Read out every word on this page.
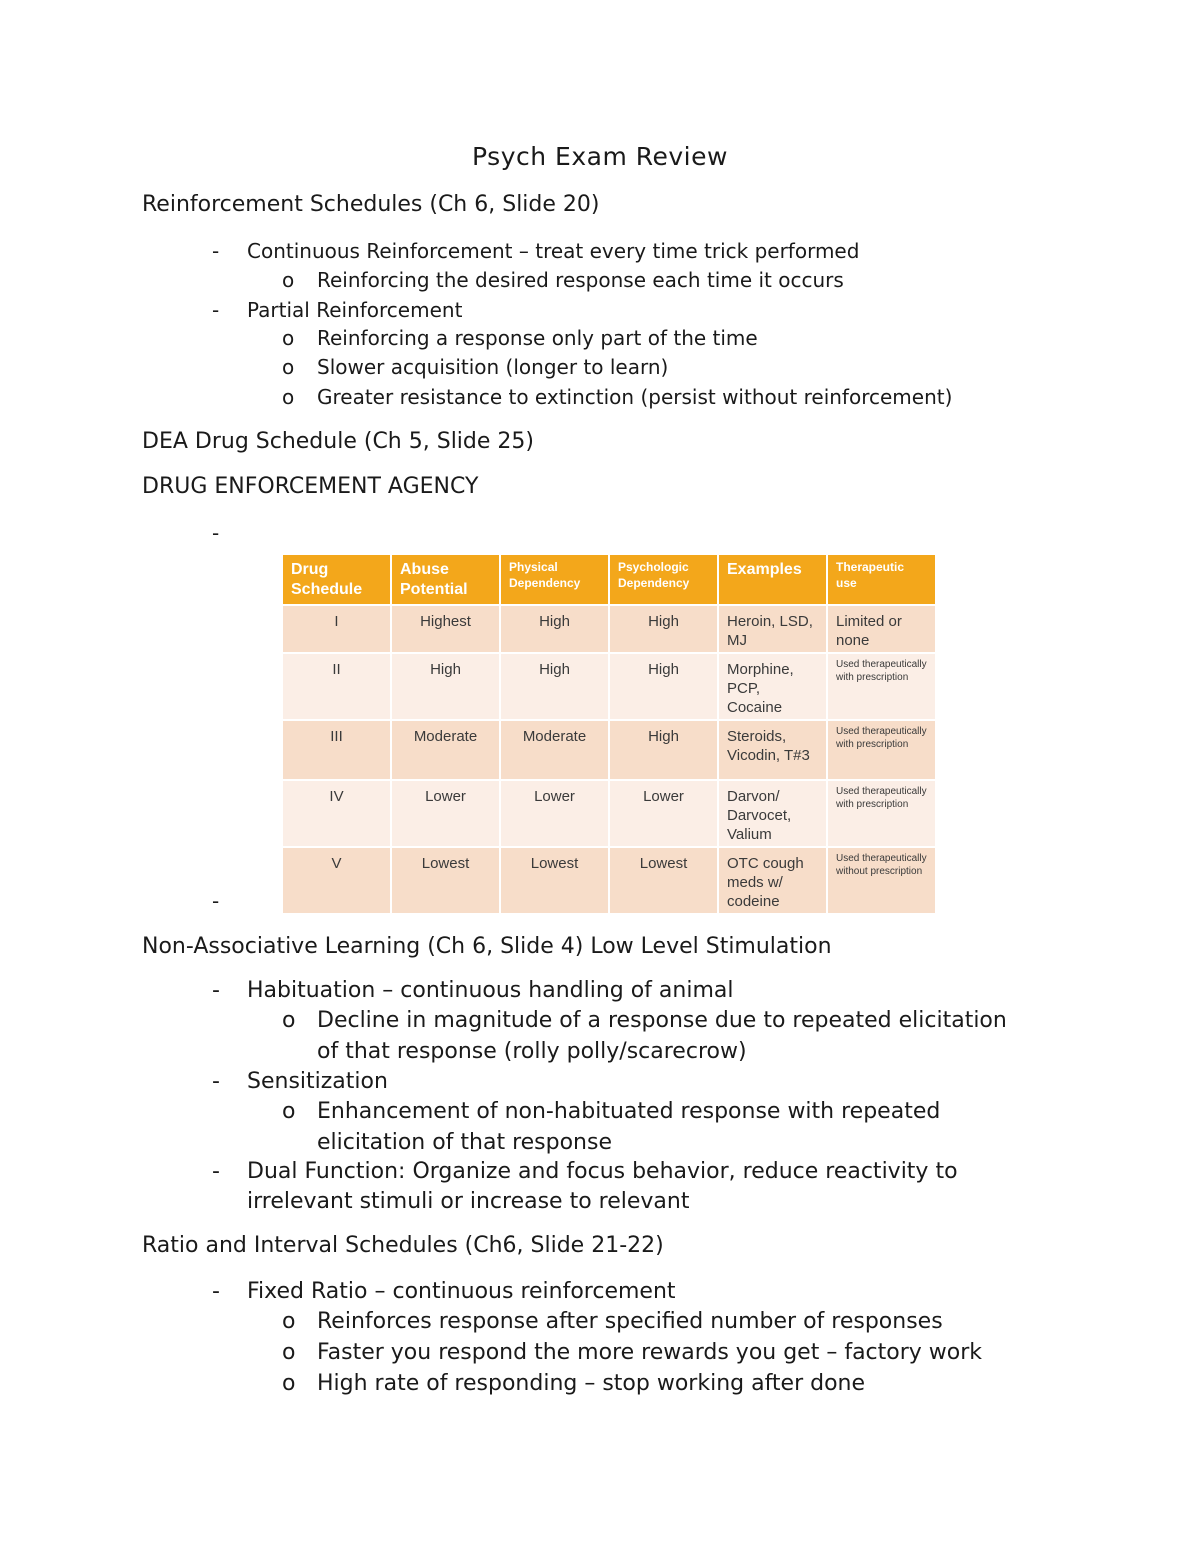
Psych Exam Review
Reinforcement Schedules (Ch 6, Slide 20)
- Continuous Reinforcement – treat every time trick performed
o Reinforcing the desired response each time it occurs
- Partial Reinforcement
o Reinforcing a response only part of the time
o Slower acquisition (longer to learn)
o Greater resistance to extinction (persist without reinforcement)
DEA Drug Schedule (Ch 5, Slide 25)
DRUG ENFORCEMENT AGENCY
-
Drug Schedule	Abuse Potential	Physical Dependency	Psychologic Dependency	Examples	Therapeutic use
I	Highest	High	High	Heroin, LSD, MJ	Limited or none
II	High	High	High	Morphine, PCP, Cocaine	Used therapeutically with prescription
III	Moderate	Moderate	High	Steroids, Vicodin, T#3	Used therapeutically with prescription
IV	Lower	Lower	Lower	Darvon/ Darvocet, Valium	Used therapeutically with prescription
V	Lowest	Lowest	Lowest	OTC cough meds w/ codeine	Used therapeutically without prescription
-
Non-Associative Learning (Ch 6, Slide 4) Low Level Stimulation
- Habituation – continuous handling of animal
o Decline in magnitude of a response due to repeated elicitation
of that response (rolly polly/scarecrow)
- Sensitization
o Enhancement of non-habituated response with repeated
elicitation of that response
- Dual Function: Organize and focus behavior, reduce reactivity to
irrelevant stimuli or increase to relevant
Ratio and Interval Schedules (Ch6, Slide 21-22)
- Fixed Ratio – continuous reinforcement
o Reinforces response after specified number of responses
o Faster you respond the more rewards you get – factory work
o High rate of responding – stop working after done
